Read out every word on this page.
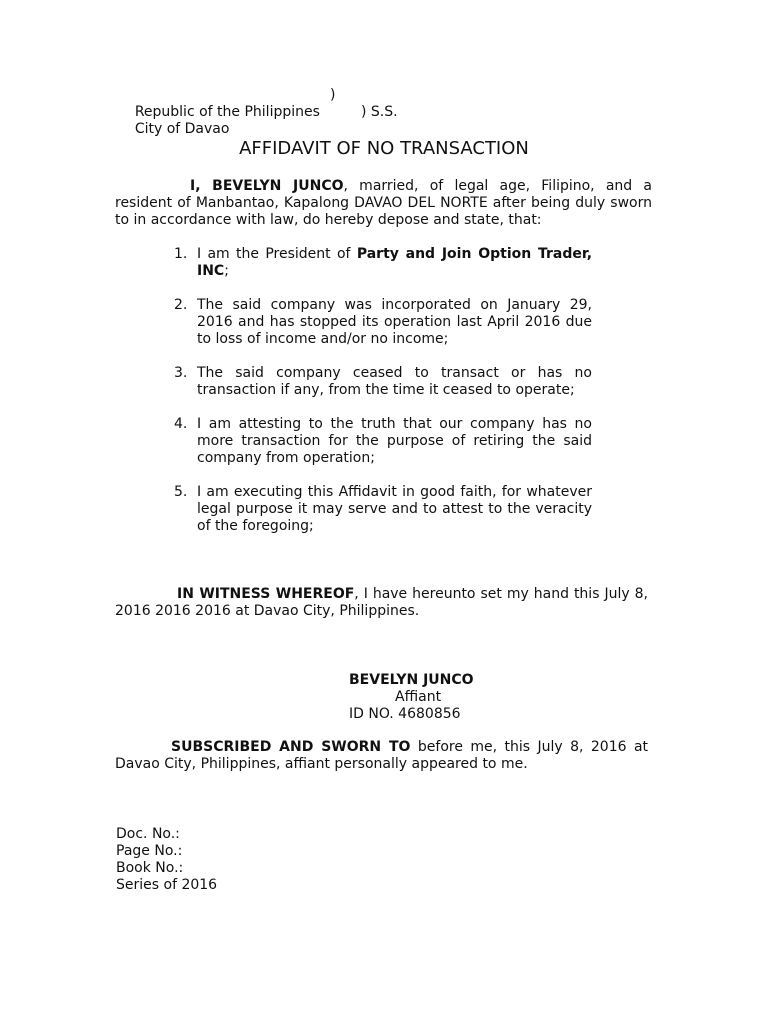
Republic of the Philippines

)

City of Davao

) S.S.

AFFIDAVIT OF NO TRANSACTION
I, BEVELYN JUNCO, married, of legal age, Filipino, and a resident of Manbantao, Kapalong DAVAO DEL NORTE after being duly sworn to in accordance with law, do hereby depose and state, that:
1. I am the President of Party and Join Option Trader, INC;
2. The said company was incorporated on January 29, 2016 and has stopped its operation last April 2016 due to loss of income and/or no income;
3. The said company ceased to transact or has no transaction if any, from the time it ceased to operate;
4. I am attesting to the truth that our company has no more transaction for the purpose of retiring the said company from operation;
5. I am executing this Affidavit in good faith, for whatever legal purpose it may serve and to attest to the veracity of the foregoing;
IN WITNESS WHEREOF, I have hereunto set my hand this July 8, 2016 2016 2016 at Davao City, Philippines.
BEVELYN JUNCO
Affiant
ID NO. 4680856
SUBSCRIBED AND SWORN TO before me, this July 8, 2016 at Davao City, Philippines, affiant personally appeared to me.
Doc. No.:
Page No.:
Book No.:
Series of 2016
